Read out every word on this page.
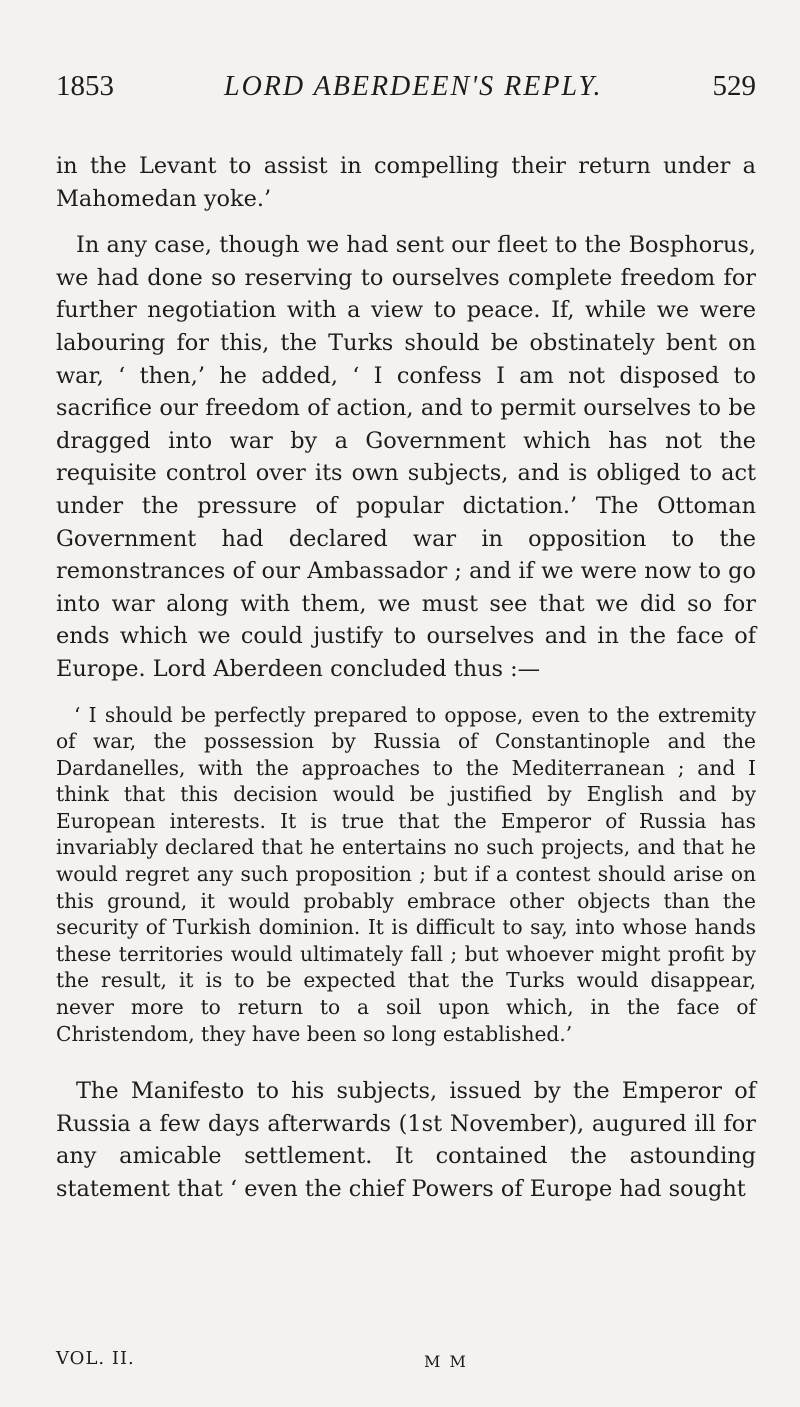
1853	LORD ABERDEEN'S REPLY.	529

in the Levant to assist in compelling their return under a Mahomedan yoke.’

In any case, though we had sent our fleet to the Bosphorus, we had done so reserving to ourselves complete freedom for further negotiation with a view to peace. If, while we were labouring for this, the Turks should be obstinately bent on war, ‘ then,’ he added, ‘ I confess I am not disposed to sacrifice our freedom of action, and to permit ourselves to be dragged into war by a Government which has not the requisite control over its own subjects, and is obliged to act under the pressure of popular dictation.’ The Ottoman Government had declared war in opposition to the remonstrances of our Ambassador ; and if we were now to go into war along with them, we must see that we did so for ends which we could justify to ourselves and in the face of Europe. Lord Aberdeen concluded thus :—

‘ I should be perfectly prepared to oppose, even to the extremity of war, the possession by Russia of Constantinople and the Dardanelles, with the approaches to the Mediterranean ; and I think that this decision would be justified by English and by European interests. It is true that the Emperor of Russia has invariably declared that he entertains no such projects, and that he would regret any such proposition ; but if a contest should arise on this ground, it would probably embrace other objects than the security of Turkish dominion. It is difficult to say, into whose hands these territories would ultimately fall ; but whoever might profit by the result, it is to be expected that the Turks would disappear, never more to return to a soil upon which, in the face of Christendom, they have been so long established.’

The Manifesto to his subjects, issued by the Emperor of Russia a few days afterwards (1st November), augured ill for any amicable settlement. It contained the astounding statement that ‘ even the chief Powers of Europe had sought

VOL. II.	M M
